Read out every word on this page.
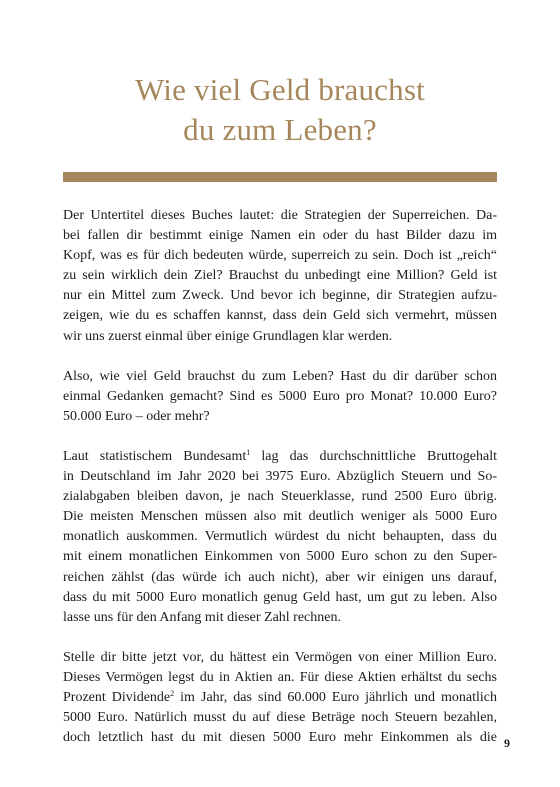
Wie viel Geld brauchst
du zum Leben?

Der Untertitel dieses Buches lautet: die Strategien der Superreichen. Da-
bei fallen dir bestimmt einige Namen ein oder du hast Bilder dazu im
Kopf, was es für dich bedeuten würde, superreich zu sein. Doch ist „reich“
zu sein wirklich dein Ziel? Brauchst du unbedingt eine Million? Geld ist
nur ein Mittel zum Zweck. Und bevor ich beginne, dir Strategien aufzu-
zeigen, wie du es schaffen kannst, dass dein Geld sich vermehrt, müssen
wir uns zuerst einmal über einige Grundlagen klar werden.

Also, wie viel Geld brauchst du zum Leben? Hast du dir darüber schon
einmal Gedanken gemacht? Sind es 5000 Euro pro Monat? 10.000 Euro?
50.000 Euro – oder mehr?

Laut statistischem Bundesamt$^1$ lag das durchschnittliche Bruttogehalt
in Deutschland im Jahr 2020 bei 3975 Euro. Abzüglich Steuern und So-
zialabgaben bleiben davon, je nach Steuerklasse, rund 2500 Euro übrig.
Die meisten Menschen müssen also mit deutlich weniger als 5000 Euro
monatlich auskommen. Vermutlich würdest du nicht behaupten, dass du
mit einem monatlichen Einkommen von 5000 Euro schon zu den Super-
reichen zählst (das würde ich auch nicht), aber wir einigen uns darauf,
dass du mit 5000 Euro monatlich genug Geld hast, um gut zu leben. Also
lasse uns für den Anfang mit dieser Zahl rechnen.

Stelle dir bitte jetzt vor, du hättest ein Vermögen von einer Million Euro.
Dieses Vermögen legst du in Aktien an. Für diese Aktien erhältst du sechs
Prozent Dividende$^2$ im Jahr, das sind 60.000 Euro jährlich und monatlich
5000 Euro. Natürlich musst du auf diese Beträge noch Steuern bezahlen,
doch letztlich hast du mit diesen 5000 Euro mehr Einkommen als die 9
